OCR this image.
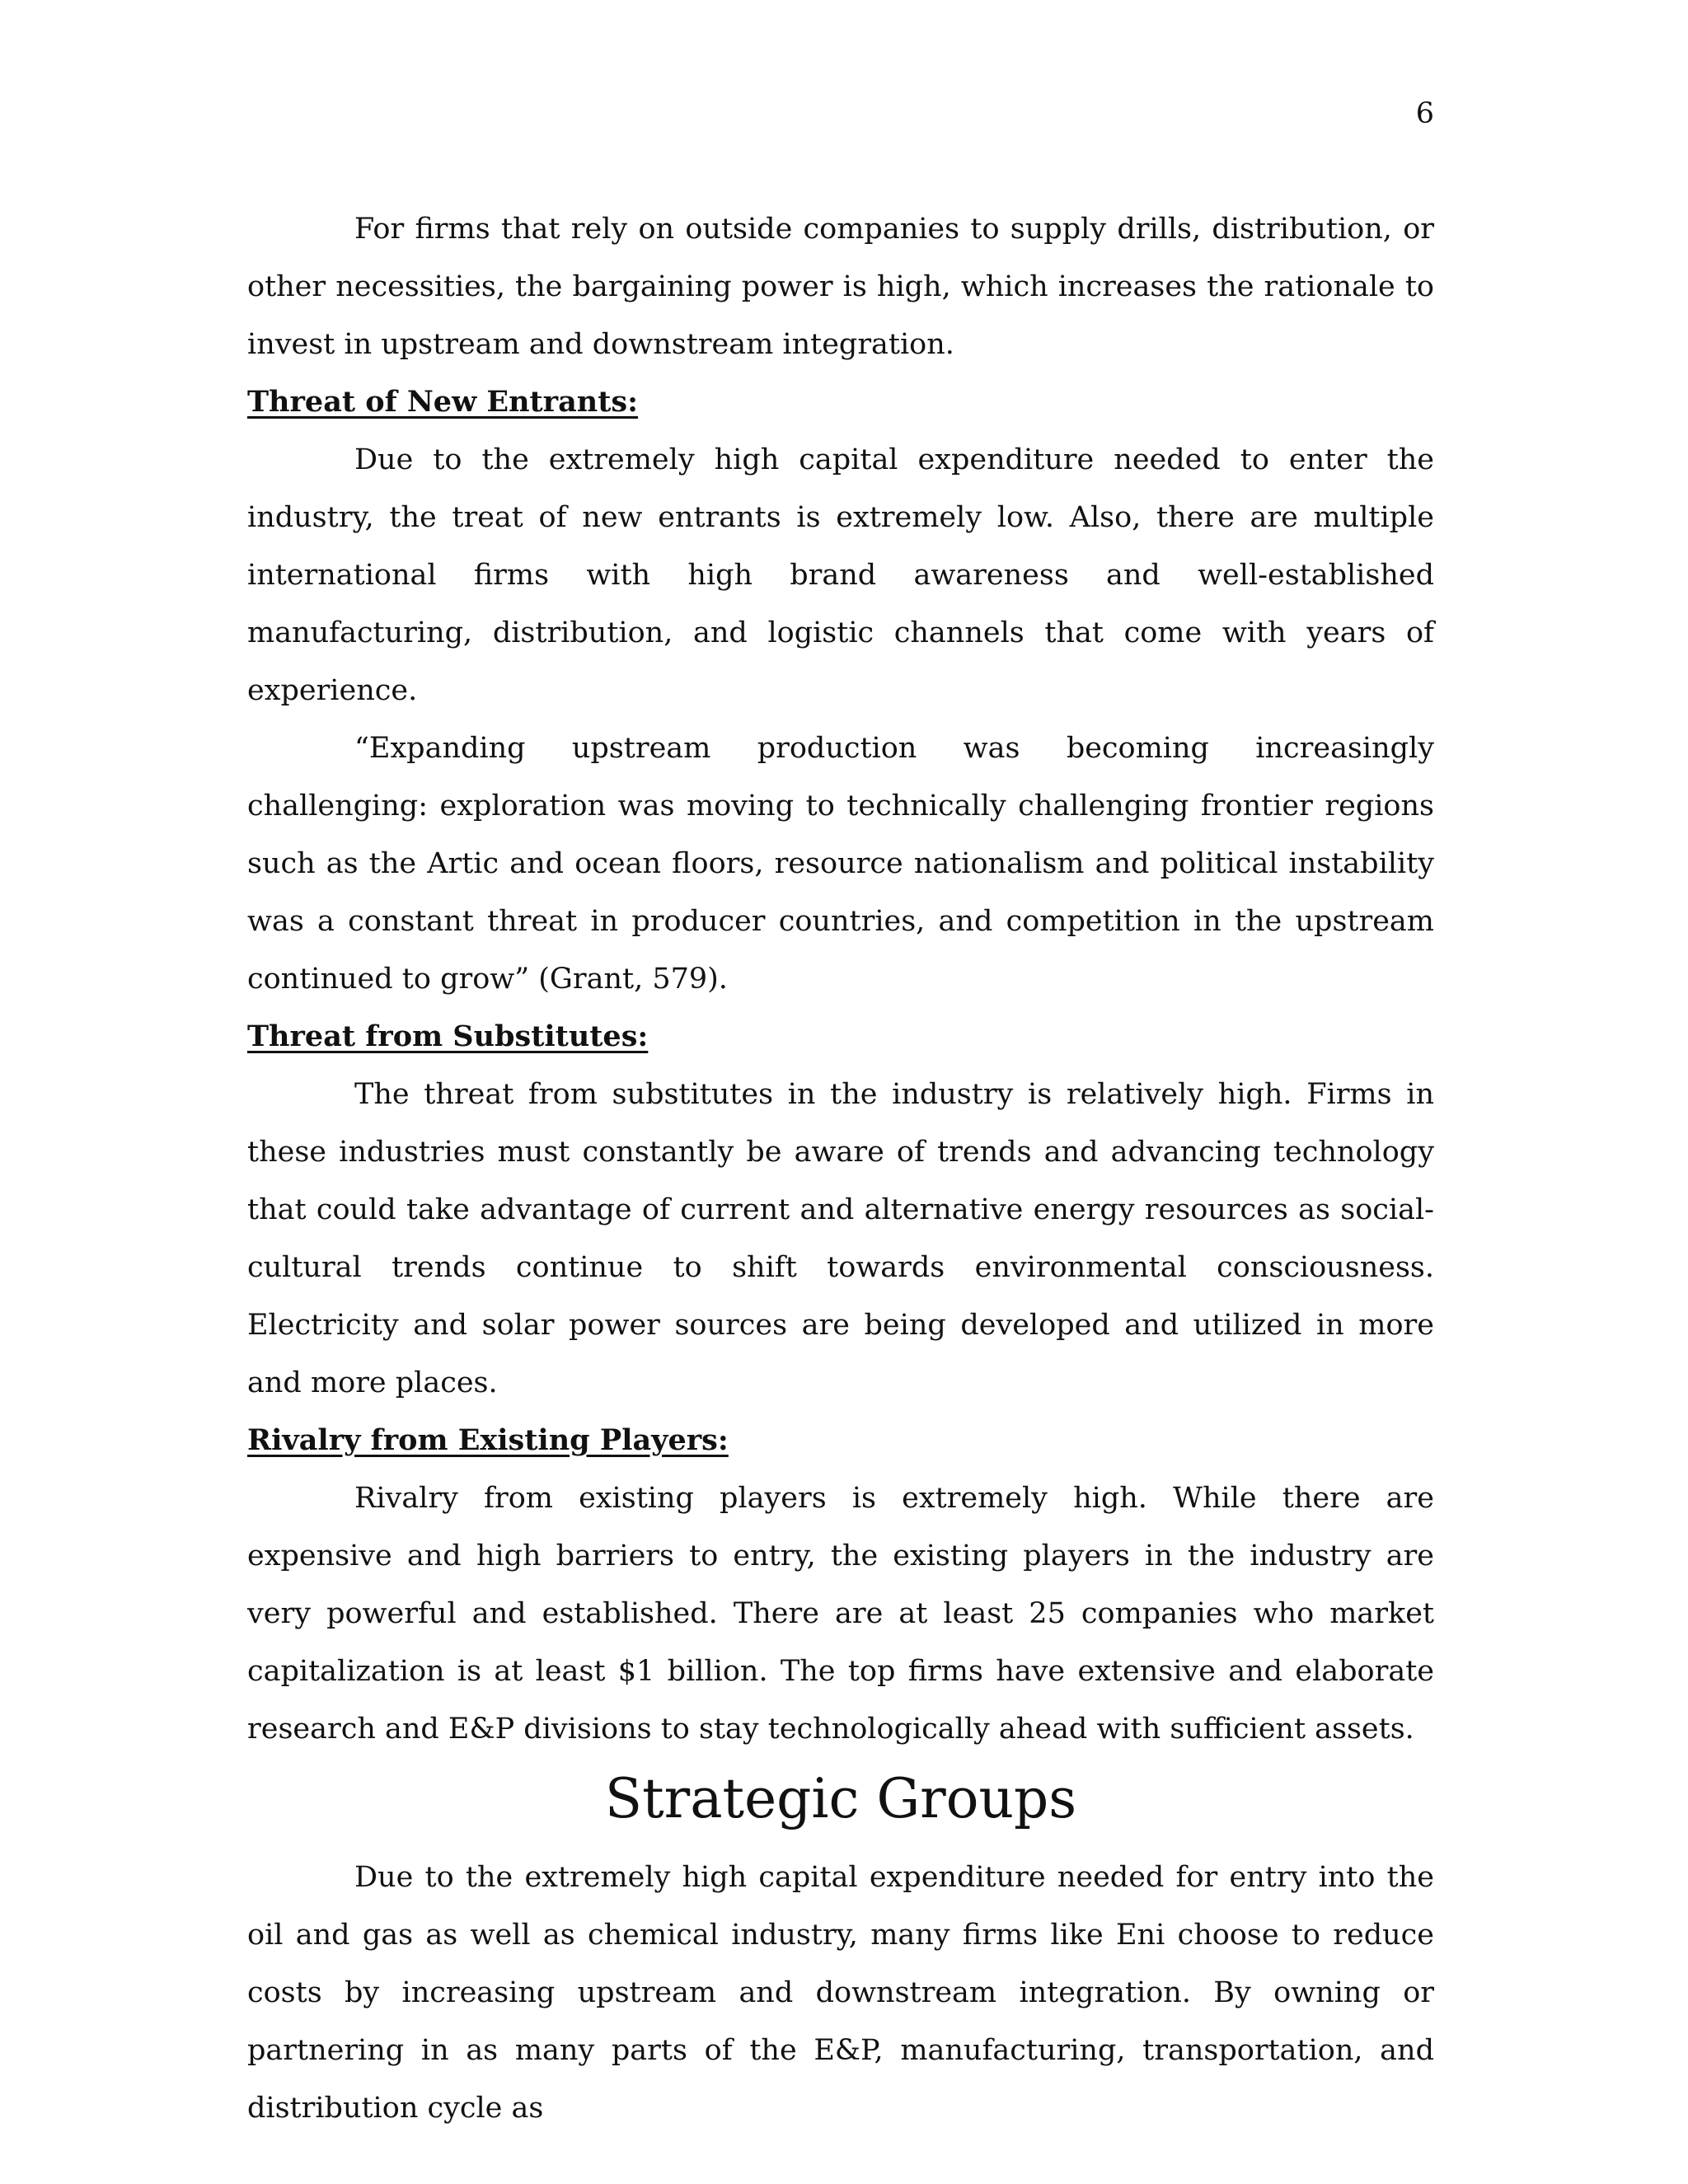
6

For firms that rely on outside companies to supply drills, distribution, or other necessities, the bargaining power is high, which increases the rationale to invest in upstream and downstream integration.

Threat of New Entrants:

Due to the extremely high capital expenditure needed to enter the industry, the treat of new entrants is extremely low. Also, there are multiple international firms with high brand awareness and well-established manufacturing, distribution, and logistic channels that come with years of experience.

“Expanding upstream production was becoming increasingly challenging: exploration was moving to technically challenging frontier regions such as the Artic and ocean floors, resource nationalism and political instability was a constant threat in producer countries, and competition in the upstream continued to grow” (Grant, 579).

Threat from Substitutes:

The threat from substitutes in the industry is relatively high. Firms in these industries must constantly be aware of trends and advancing technology that could take advantage of current and alternative energy resources as social-cultural trends continue to shift towards environmental consciousness. Electricity and solar power sources are being developed and utilized in more and more places.

Rivalry from Existing Players:

Rivalry from existing players is extremely high. While there are expensive and high barriers to entry, the existing players in the industry are very powerful and established. There are at least 25 companies who market capitalization is at least $1 billion. The top firms have extensive and elaborate research and E&P divisions to stay technologically ahead with sufficient assets.

Strategic Groups

Due to the extremely high capital expenditure needed for entry into the oil and gas as well as chemical industry, many firms like Eni choose to reduce costs by increasing upstream and downstream integration. By owning or partnering in as many parts of the E&P, manufacturing, transportation, and distribution cycle as
